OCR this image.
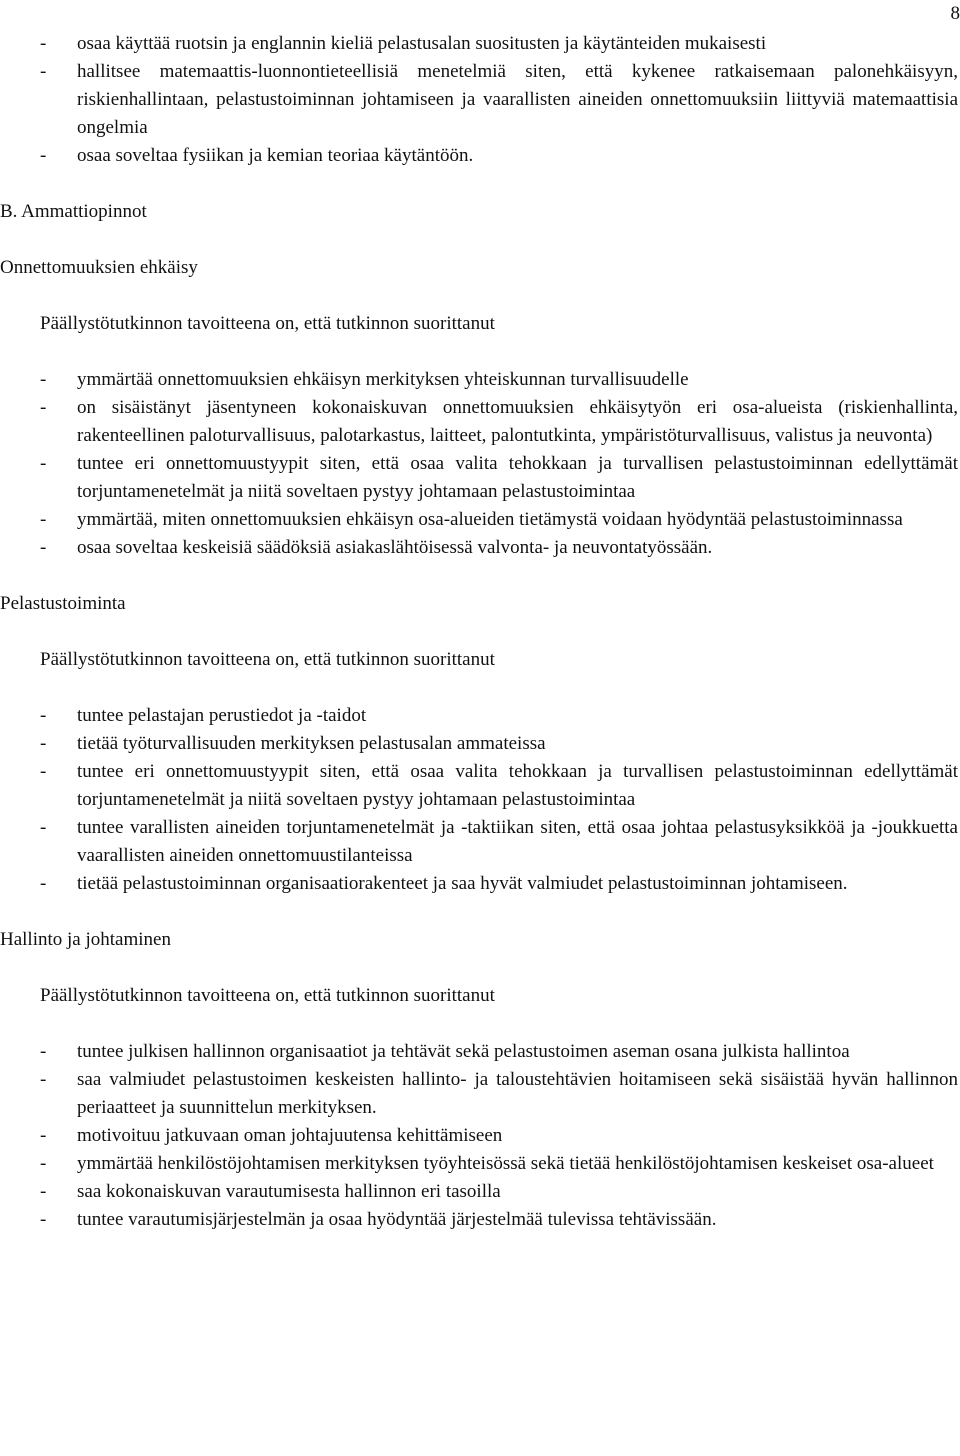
8
- osaa käyttää ruotsin ja englannin kieliä pelastusalan suositusten ja käytänteiden mukaisesti
- hallitsee matemaattis-luonnontieteellisiä menetelmiä siten, että kykenee ratkaisemaan palonehkäisyyn, riskienhallintaan, pelastustoiminnan johtamiseen ja vaarallisten aineiden onnettomuuksiin liittyviä matemaattisia ongelmia
- osaa soveltaa fysiikan ja kemian teoriaa käytäntöön.
B. Ammattiopinnot
Onnettomuuksien ehkäisy

Päällystötutkinnon tavoitteena on, että tutkinnon suorittanut

- ymmärtää onnettomuuksien ehkäisyn merkityksen yhteiskunnan turvallisuudelle
- on sisäistänyt jäsentyneen kokonaiskuvan onnettomuuksien ehkäisytyön eri osa-alueista (riskienhallinta, rakenteellinen paloturvallisuus, palotarkastus, laitteet, palontutkinta, ympäristöturvallisuus, valistus ja neuvonta)
- tuntee eri onnettomuustyypit siten, että osaa valita tehokkaan ja turvallisen pelastustoiminnan edellyttämät torjuntamenetelmät ja niitä soveltaen pystyy johtamaan pelastustoimintaa
- ymmärtää, miten onnettomuuksien ehkäisyn osa-alueiden tietämystä voidaan hyödyntää pelastustoiminnassa
- osaa soveltaa keskeisiä säädöksiä asiakaslähtöisessä valvonta- ja neuvontatyössään.
Pelastustoiminta

Päällystötutkinnon tavoitteena on, että tutkinnon suorittanut

- tuntee pelastajan perustiedot ja -taidot
- tietää työturvallisuuden merkityksen pelastusalan ammateissa
- tuntee eri onnettomuustyypit siten, että osaa valita tehokkaan ja turvallisen pelastustoiminnan edellyttämät torjuntamenetelmät ja niitä soveltaen pystyy johtamaan pelastustoimintaa
- tuntee varallisten aineiden torjuntamenetelmät ja -taktiikan siten, että osaa johtaa pelastusyksikköä ja -joukkuetta vaarallisten aineiden onnettomuustilanteissa
- tietää pelastustoiminnan organisaatiorakenteet ja saa hyvät valmiudet pelastustoiminnan johtamiseen.
Hallinto ja johtaminen

Päällystötutkinnon tavoitteena on, että tutkinnon suorittanut

- tuntee julkisen hallinnon organisaatiot ja tehtävät sekä pelastustoimen aseman osana julkista hallintoa
- saa valmiudet pelastustoimen keskeisten hallinto- ja taloustehtävien hoitamiseen sekä sisäistää hyvän hallinnon periaatteet ja suunnittelun merkityksen.
- motivoituu jatkuvaan oman johtajuutensa kehittämiseen
- ymmärtää henkilöstöjohtamisen merkityksen työyhteisössä sekä tietää henkilöstöjohtamisen keskeiset osa-alueet
- saa kokonaiskuvan varautumisesta hallinnon eri tasoilla
- tuntee varautumisjärjestelmän ja osaa hyödyntää järjestelmää tulevissa tehtävissään.
